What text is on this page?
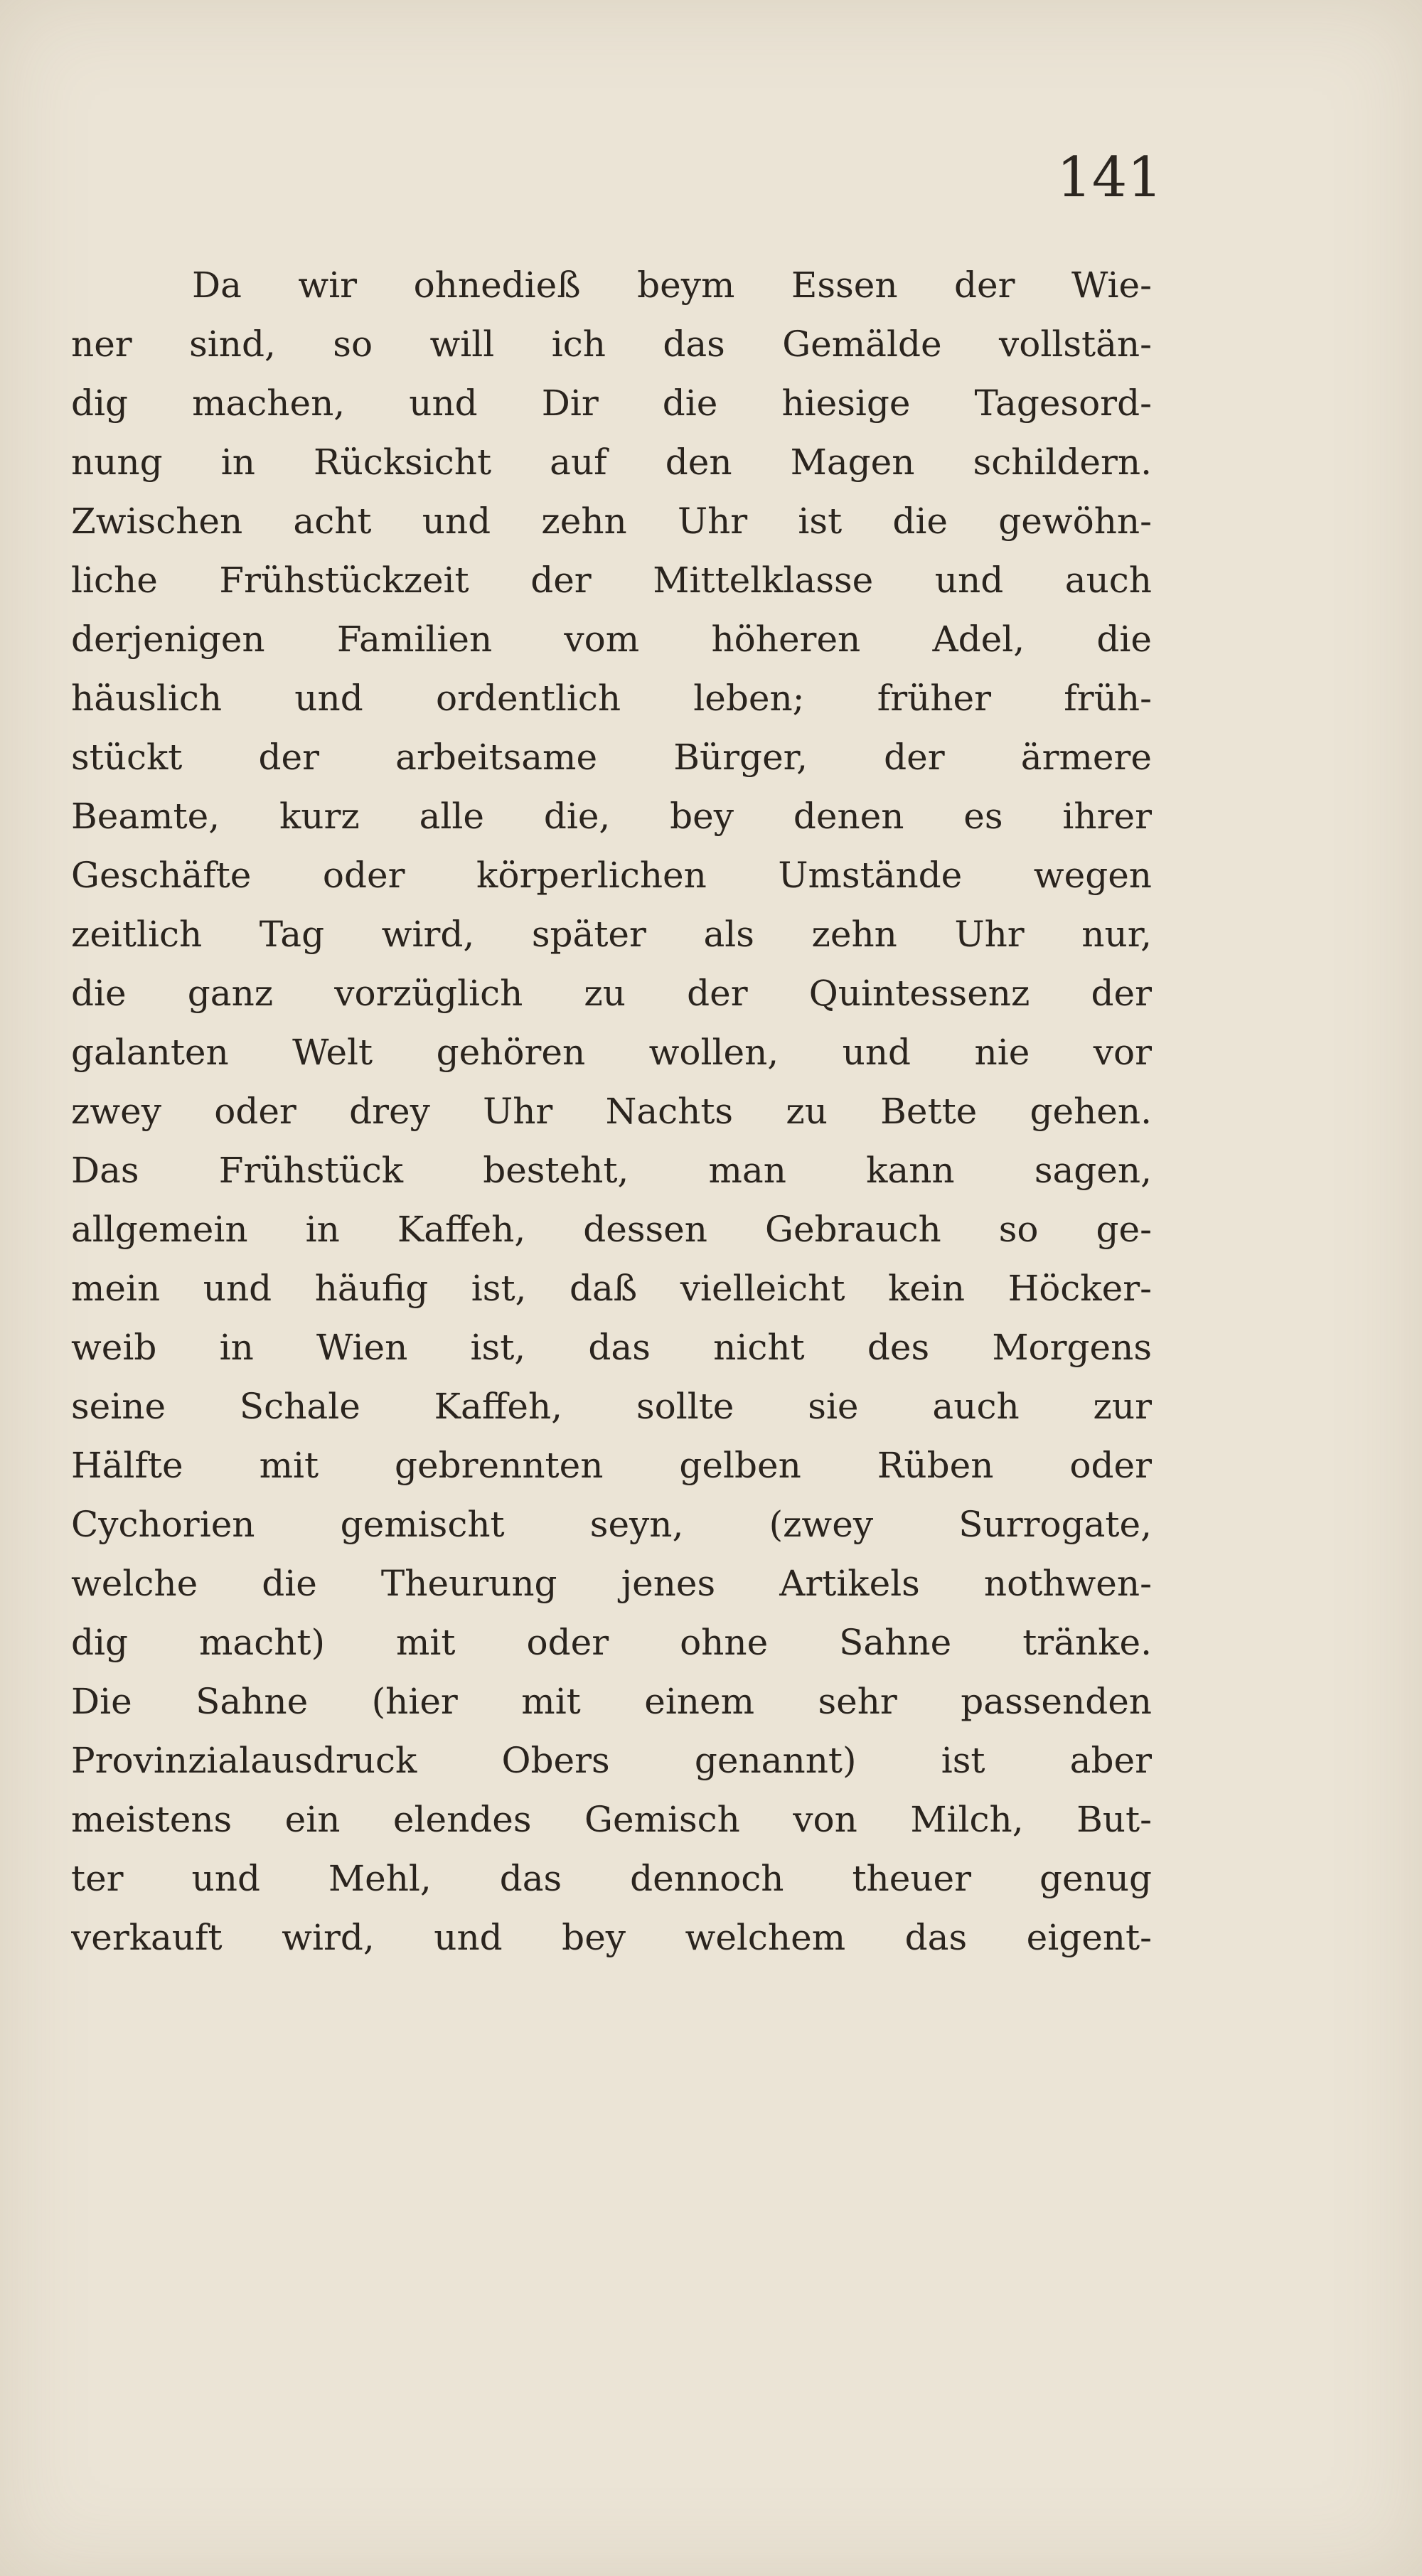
141
Da wir ohnedieß beym Essen der Wie-
ner sind, so will ich das Gemälde vollstän-
dig machen, und Dir die hiesige Tagesord-
nung in Rücksicht auf den Magen schildern.
Zwischen acht und zehn Uhr ist die gewöhn-
liche Frühstückzeit der Mittelklasse und auch
derjenigen Familien vom höheren Adel, die
häuslich und ordentlich leben; früher früh-
stückt der arbeitsame Bürger, der ärmere
Beamte, kurz alle die, bey denen es ihrer
Geschäfte oder körperlichen Umstände wegen
zeitlich Tag wird, später als zehn Uhr nur,
die ganz vorzüglich zu der Quintessenz der
galanten Welt gehören wollen, und nie vor
zwey oder drey Uhr Nachts zu Bette gehen.
Das Frühstück besteht, man kann sagen,
allgemein in Kaffeh, dessen Gebrauch so ge-
mein und häufig ist, daß vielleicht kein Höcker-
weib in Wien ist, das nicht des Morgens
seine Schale Kaffeh, sollte sie auch zur
Hälfte mit gebrennten gelben Rüben oder
Cychorien gemischt seyn, (zwey Surrogate,
welche die Theurung jenes Artikels nothwen-
dig macht) mit oder ohne Sahne tränke.
Die Sahne (hier mit einem sehr passenden
Provinzialausdruck Obers genannt) ist aber
meistens ein elendes Gemisch von Milch, But-
ter und Mehl, das dennoch theuer genug
verkauft wird, und bey welchem das eigent-
